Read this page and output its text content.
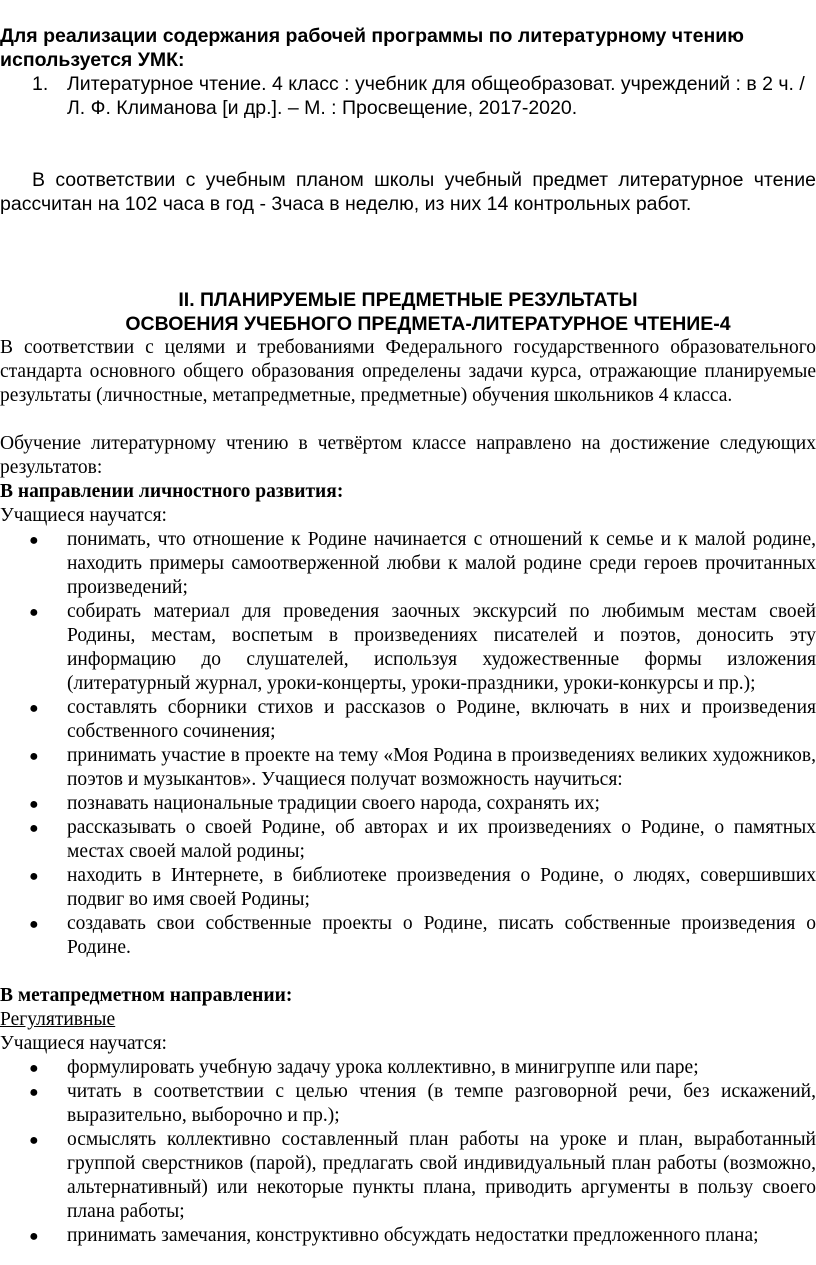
Для реализации содержания рабочей программы по литературному чтению используется УМК:

1. Литературное чтение. 4 класс : учебник для общеобразоват. учреждений : в 2 ч. / Л. Ф. Климанова [и др.]. – М. : Просвещение, 2017-2020.

В соответствии с учебным планом школы учебный предмет литературное чтение рассчитан на 102 часа в год - 3часа в неделю, из них 14 контрольных работ.

II. ПЛАНИРУЕМЫЕ ПРЕДМЕТНЫЕ РЕЗУЛЬТАТЫ

ОСВОЕНИЯ УЧЕБНОГО ПРЕДМЕТА-ЛИТЕРАТУРНОЕ ЧТЕНИЕ-4

В соответствии с целями и требованиями Федерального государственного образовательного стандарта основного общего образования определены задачи курса, отражающие планируемые результаты (личностные, метапредметные, предметные) обучения школьников 4 класса.

Обучение литературному чтению в четвёртом классе направлено на достижение следующих результатов:

В направлении личностного развития:

Учащиеся научатся:

● понимать, что отношение к Родине начинается с отношений к семье и к малой родине, находить примеры самоотверженной любви к малой родине среди героев прочитанных произведений;

● собирать материал для проведения заочных экскурсий по любимым местам своей Родины, местам, воспетым в произведениях писателей и поэтов, доносить эту информацию до слушателей, используя художественные формы изложения (литературный журнал, уроки-концерты, уроки-праздники, уроки-конкурсы и пр.);

● составлять сборники стихов и рассказов о Родине, включать в них и произведения собственного сочинения;

● принимать участие в проекте на тему «Моя Родина в произведениях великих художников, поэтов и музыкантов». Учащиеся получат возможность научиться:

● познавать национальные традиции своего народа, сохранять их;

● рассказывать о своей Родине, об авторах и их произведениях о Родине, о памятных местах своей малой родины;

● находить в Интернете, в библиотеке произведения о Родине, о людях, совершивших подвиг во имя своей Родины;

● создавать свои собственные проекты о Родине, писать собственные произведения о Родине.

В метапредметном направлении:

Регулятивные

Учащиеся научатся:

● формулировать учебную задачу урока коллективно, в минигруппе или паре;

● читать в соответствии с целью чтения (в темпе разговорной речи, без искажений, выразительно, выборочно и пр.);

● осмыслять коллективно составленный план работы на уроке и план, выработанный группой сверстников (парой), предлагать свой индивидуальный план работы (возможно, альтернативный) или некоторые пункты плана, приводить аргументы в пользу своего плана работы;

● принимать замечания, конструктивно обсуждать недостатки предложенного плана;
